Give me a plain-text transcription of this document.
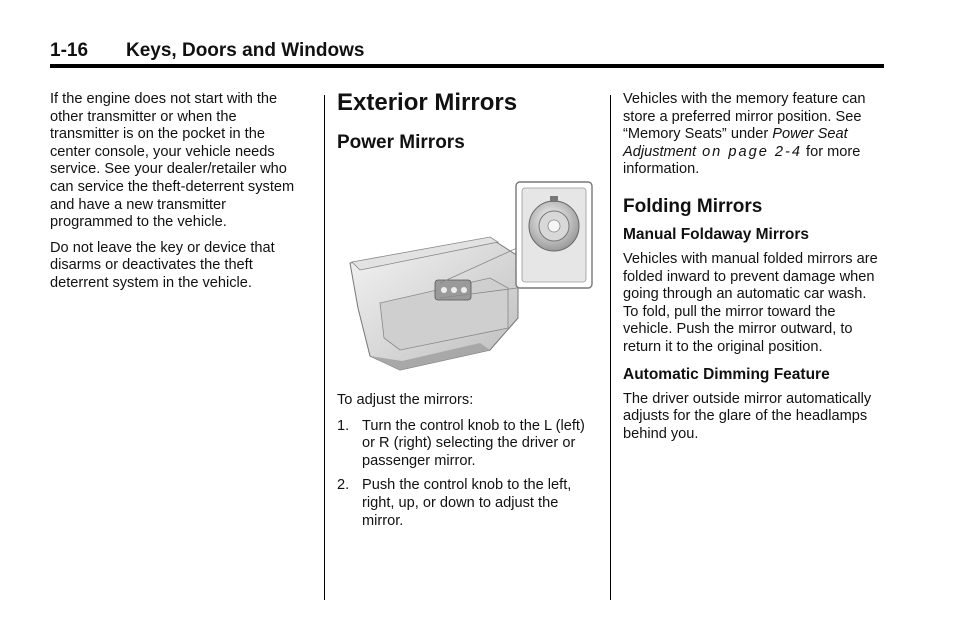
1-16 Keys, Doors and Windows

If the engine does not start with the other transmitter or when the transmitter is on the pocket in the center console, your vehicle needs service. See your dealer/retailer who can service the theft-deterrent system and have a new transmitter programmed to the vehicle.

Do not leave the key or device that disarms or deactivates the theft deterrent system in the vehicle.

Exterior Mirrors
Power Mirrors

To adjust the mirrors:

1. Turn the control knob to the L (left) or R (right) selecting the driver or passenger mirror.
2. Push the control knob to the left, right, up, or down to adjust the mirror.

Vehicles with the memory feature can store a preferred mirror position. See “Memory Seats” under Power Seat Adjustment on page 2-4 for more information.

Folding Mirrors
Manual Foldaway Mirrors

Vehicles with manual folded mirrors are folded inward to prevent damage when going through an automatic car wash. To fold, pull the mirror toward the vehicle. Push the mirror outward, to return it to the original position.

Automatic Dimming Feature

The driver outside mirror automatically adjusts for the glare of the headlamps behind you.
